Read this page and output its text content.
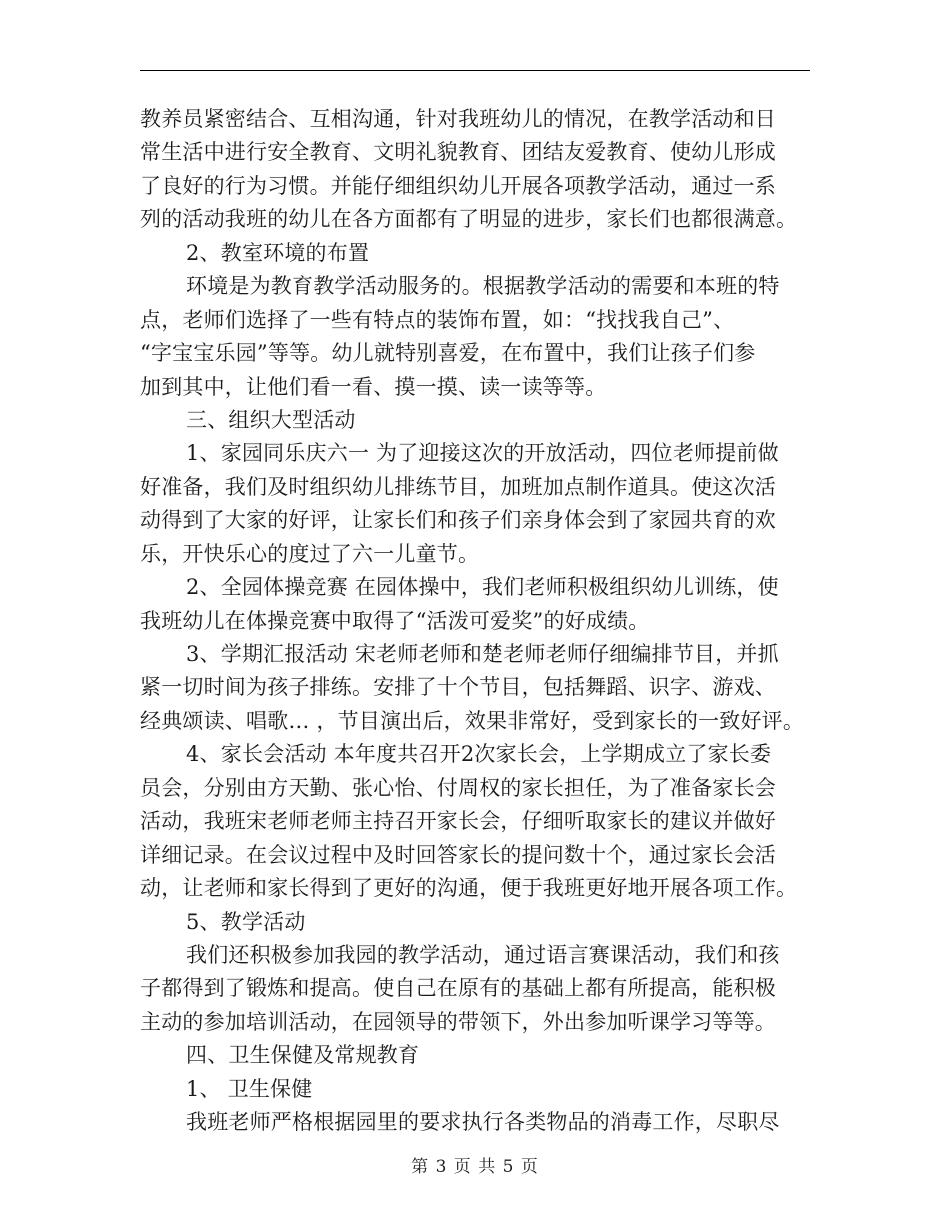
教养员紧密结合、互相沟通，针对我班幼儿的情况，在教学活动和日
常生活中进行安全教育、文明礼貌教育、团结友爱教育、使幼儿形成
了良好的行为习惯。并能仔细组织幼儿开展各项教学活动，通过一系
列的活动我班的幼儿在各方面都有了明显的进步，家长们也都很满意。
2、教室环境的布置
环境是为教育教学活动服务的。根据教学活动的需要和本班的特
点，老师们选择了一些有特点的装饰布置，如：“找找我自己”、
“字宝宝乐园”等等。幼儿就特别喜爱，在布置中，我们让孩子们参
加到其中，让他们看一看、摸一摸、读一读等等。
三、组织大型活动
1、家园同乐庆六一 为了迎接这次的开放活动，四位老师提前做
好准备，我们及时组织幼儿排练节目，加班加点制作道具。使这次活
动得到了大家的好评，让家长们和孩子们亲身体会到了家园共育的欢
乐，开快乐心的度过了六一儿童节。
2、全园体操竞赛 在园体操中，我们老师积极组织幼儿训练，使
我班幼儿在体操竞赛中取得了“活泼可爱奖”的好成绩。
3、学期汇报活动 宋老师老师和楚老师老师仔细编排节目，并抓
紧一切时间为孩子排练。安排了十个节目，包括舞蹈、识字、游戏、
经典颂读、唱歌… ，节目演出后，效果非常好，受到家长的一致好评。
4、家长会活动 本年度共召开2次家长会，上学期成立了家长委
员会，分别由方天勤、张心怡、付周权的家长担任，为了准备家长会
活动，我班宋老师老师主持召开家长会，仔细听取家长的建议并做好
详细记录。在会议过程中及时回答家长的提问数十个，通过家长会活
动，让老师和家长得到了更好的沟通，便于我班更好地开展各项工作。
5、教学活动
我们还积极参加我园的教学活动，通过语言赛课活动，我们和孩
子都得到了锻炼和提高。使自己在原有的基础上都有所提高，能积极
主动的参加培训活动，在园领导的带领下，外出参加听课学习等等。
四、卫生保健及常规教育
1、 卫生保健
我班老师严格根据园里的要求执行各类物品的消毒工作，尽职尽
第 3 页 共 5 页
